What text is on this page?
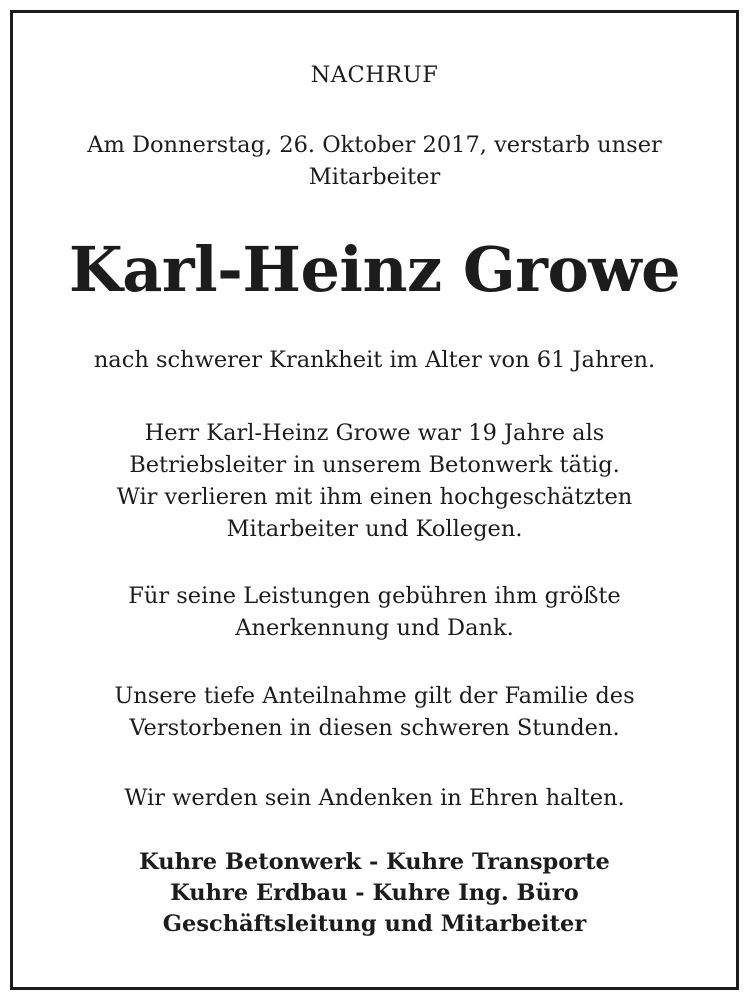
NACHRUF
Am Donnerstag, 26. Oktober 2017, verstarb unser
Mitarbeiter
Karl-Heinz Growe
nach schwerer Krankheit im Alter von 61 Jahren.
Herr Karl-Heinz Growe war 19 Jahre als
Betriebsleiter in unserem Betonwerk tätig.
Wir verlieren mit ihm einen hochgeschätzten
Mitarbeiter und Kollegen.
Für seine Leistungen gebühren ihm größte
Anerkennung und Dank.
Unsere tiefe Anteilnahme gilt der Familie des
Verstorbenen in diesen schweren Stunden.
Wir werden sein Andenken in Ehren halten.
Kuhre Betonwerk - Kuhre Transporte
Kuhre Erdbau - Kuhre Ing. Büro
Geschäftsleitung und Mitarbeiter
